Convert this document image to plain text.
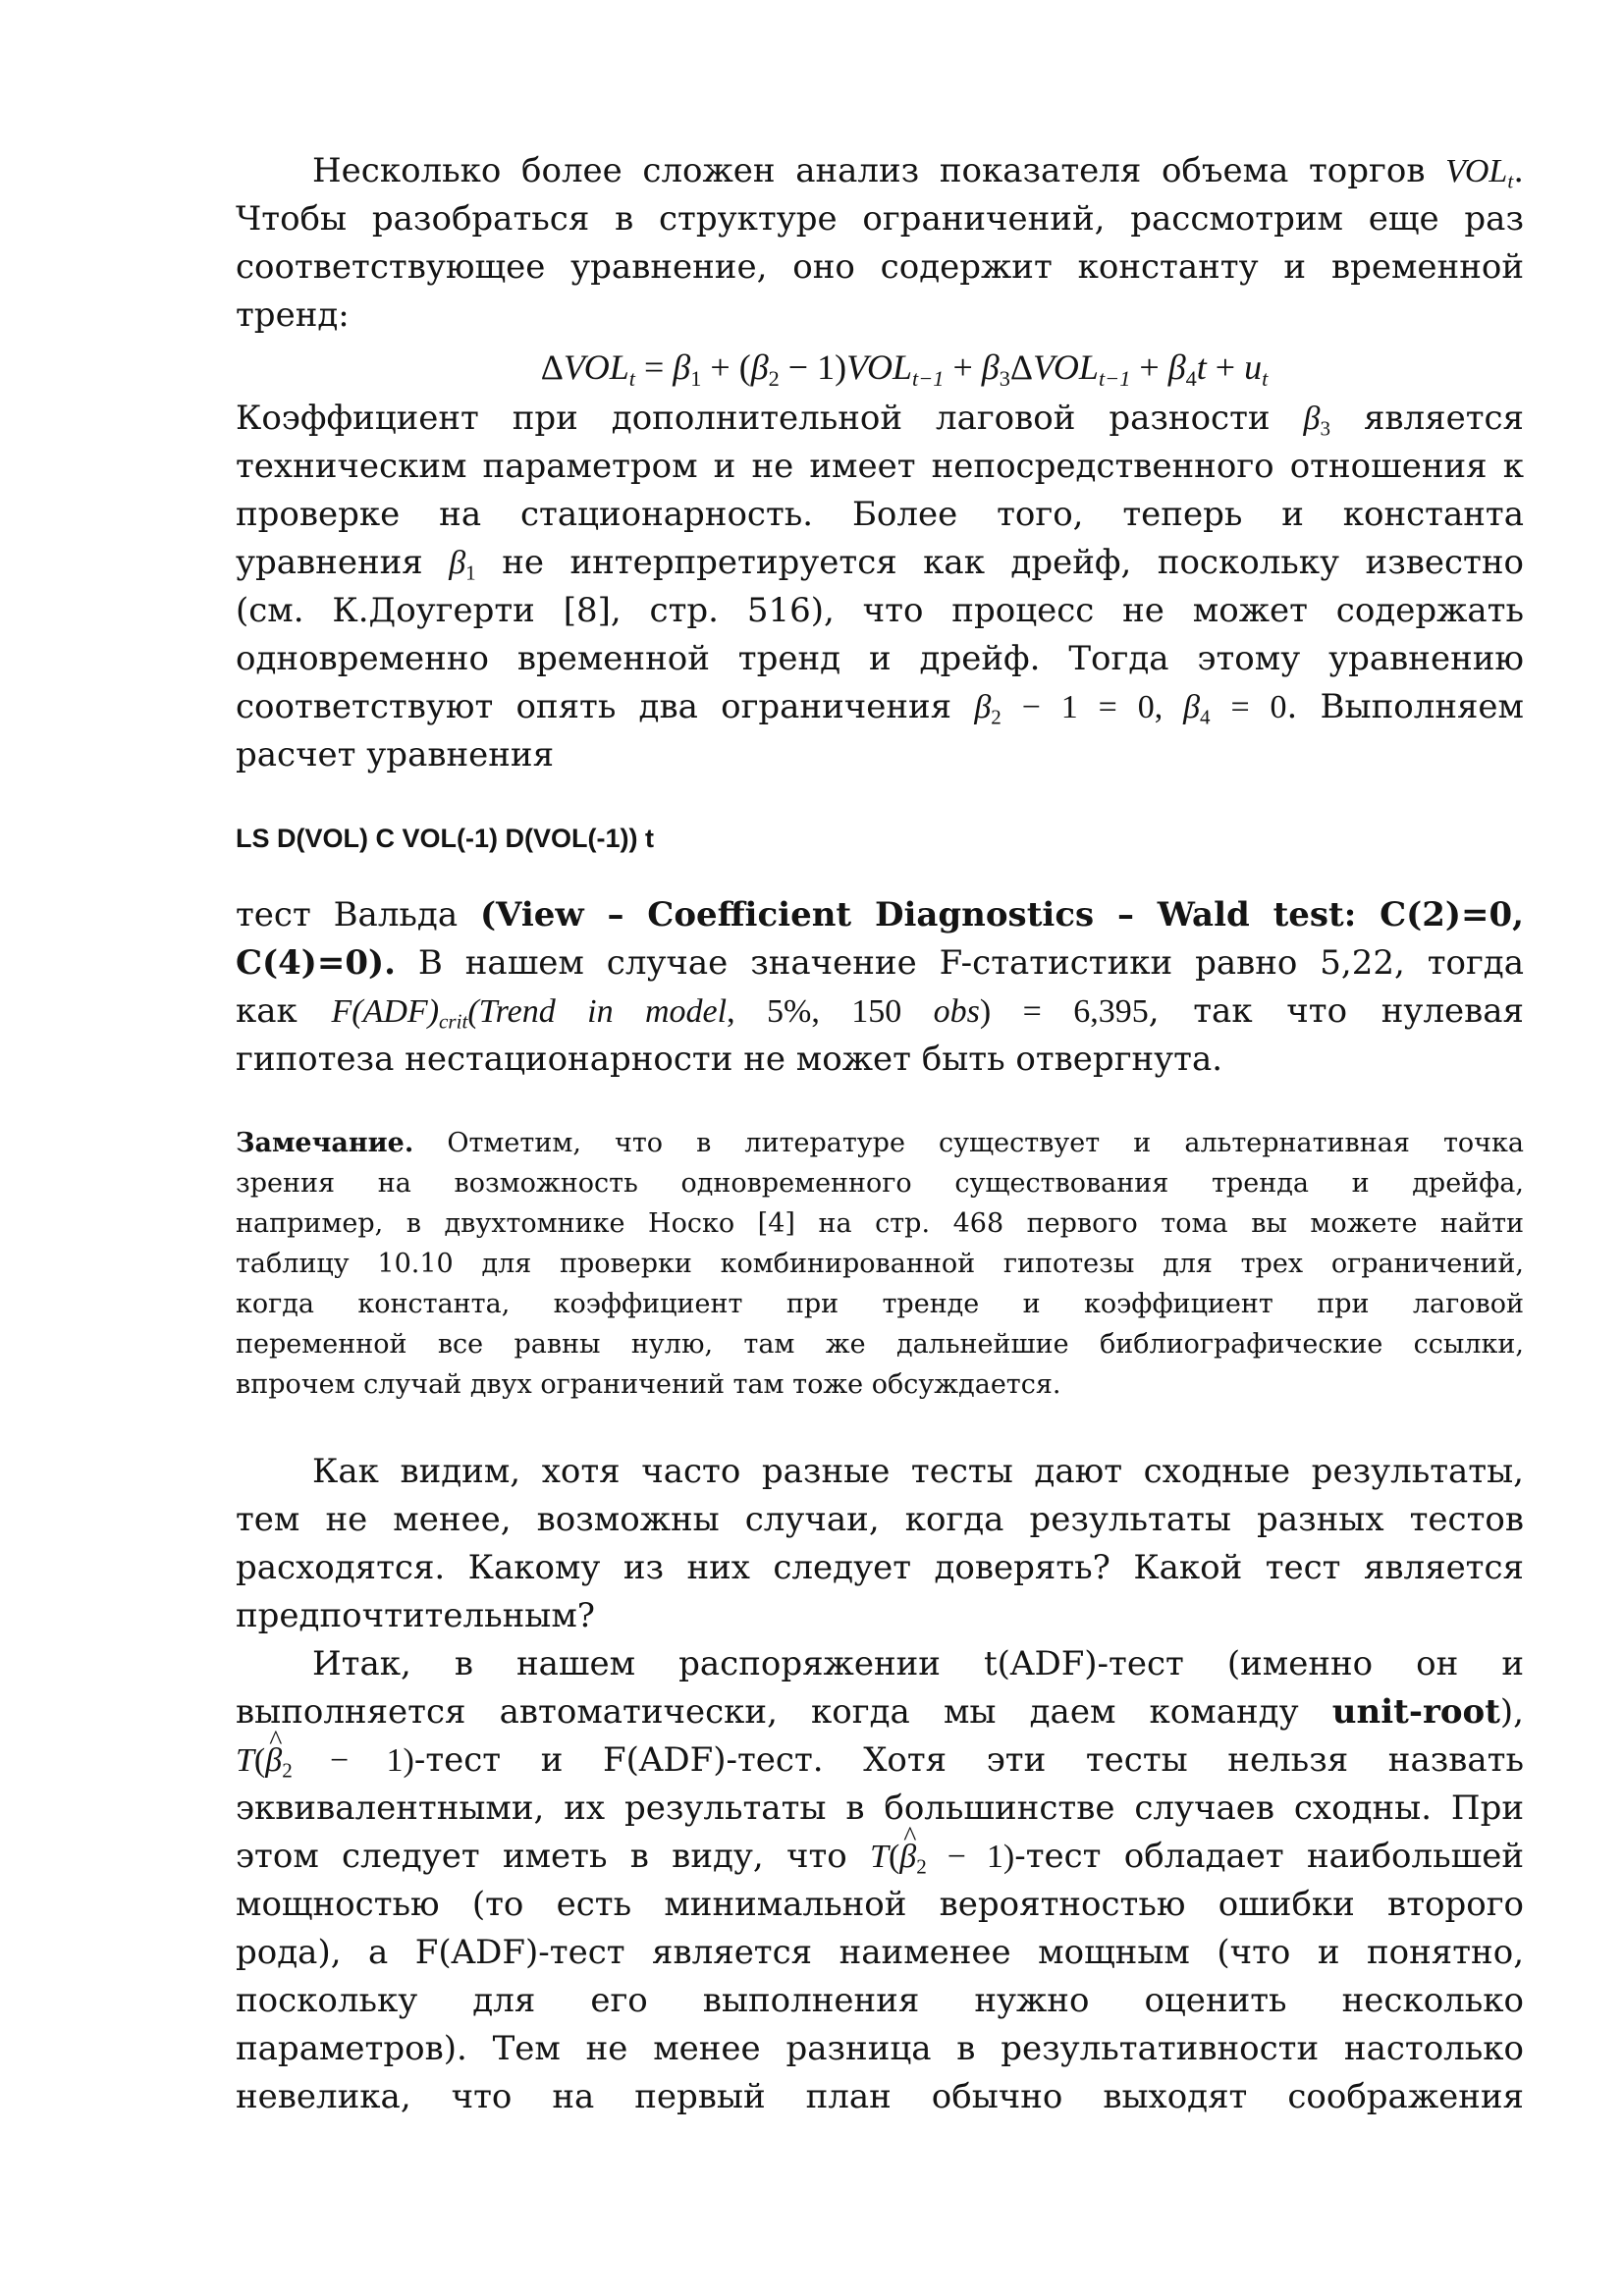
Несколько более сложен анализ показателя объема торгов $VOL_t$.
Чтобы разобраться в структуре ограничений, рассмотрим еще раз
соответствующее уравнение, оно содержит константу и временной
тренд:
$\Delta VOL_t = \beta_1 + (\beta_2 - 1)VOL_{t-1} + \beta_3\Delta VOL_{t-1} + \beta_4t + u_t$
Коэффициент при дополнительной лаговой разности $\beta_3$ является
техническим параметром и не имеет непосредственного отношения к
проверке на стационарность. Более того, теперь и константа
уравнения $\beta_1$ не интерпретируется как дрейф, поскольку известно
(см. К.Доугерти [8], стр. 516), что процесс не может содержать
одновременно временной тренд и дрейф. Тогда этому уравнению
соответствуют опять два ограничения $\beta_2 - 1 = 0$, $\beta_4 = 0$. Выполняем
расчет уравнения
LS D(VOL) C VOL(-1) D(VOL(-1)) t
тест Вальда (View – Coefficient Diagnostics – Wald test: C(2)=0,
C(4)=0). В нашем случае значение F-статистики равно 5,22, тогда
как $F(ADF)_{crit}(Trend$ in model, 5%, 150 obs) = 6,395, так что нулевая
гипотеза нестационарности не может быть отвергнута.
Замечание. Отметим, что в литературе существует и альтернативная точка
зрения на возможность одновременного существования тренда и дрейфа,
например, в двухтомнике Носко [4] на стр. 468 первого тома вы можете найти
таблицу 10.10 для проверки комбинированной гипотезы для трех ограничений,
когда константа, коэффициент при тренде и коэффициент при лаговой
переменной все равны нулю, там же дальнейшие библиографические ссылки,
впрочем случай двух ограничений там тоже обсуждается.
Как видим, хотя часто разные тесты дают сходные результаты,
тем не менее, возможны случаи, когда результаты разных тестов
расходятся. Какому из них следует доверять? Какой тест является
предпочтительным?
Итак, в нашем распоряжении t(ADF)-тест (именно он и
выполняется автоматически, когда мы даем команду unit-root),
T(^ $\beta_2$ − 1)-тест и F(ADF)-тест. Хотя эти тесты нельзя назвать
эквивалентными, их результаты в большинстве случаев сходны. При
этом следует иметь в виду, что T(^ $\beta_2$ − 1)-тест обладает наибольшей
мощностью (то есть минимальной вероятностью ошибки второго
рода), а F(ADF)-тест является наименее мощным (что и понятно,
поскольку для его выполнения нужно оценить несколько
параметров). Тем не менее разница в результативности настолько
невелика, что на первый план обычно выходят соображения
